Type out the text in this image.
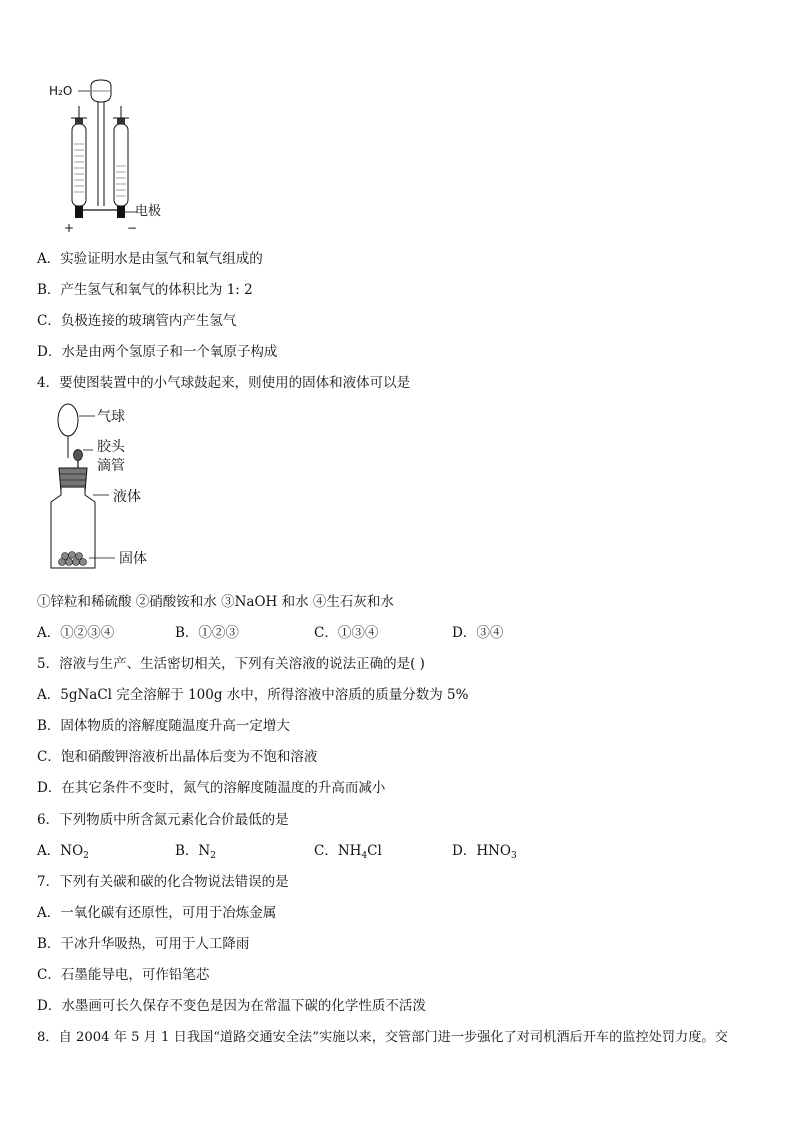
H₂O
电极
+	−
A．实验证明水是由氢气和氧气组成的
B．产生氢气和氧气的体积比为 1: 2
C．负极连接的玻璃管内产生氢气
D．水是由两个氢原子和一个氧原子构成
4．要使图装置中的小气球鼓起来，则使用的固体和液体可以是
气球
胶头
滴管
液体
固体
①锌粒和稀硫酸 ②硝酸铵和水 ③NaOH 和水 ④生石灰和水
A．①②③④	B．①②③	C．①③④	D．③④
5．溶液与生产、生活密切相关，下列有关溶液的说法正确的是( )
A．5gNaCl 完全溶解于 100g 水中，所得溶液中溶质的质量分数为 5%
B．固体物质的溶解度随温度升高一定增大
C．饱和硝酸钾溶液析出晶体后变为不饱和溶液
D．在其它条件不变时，氮气的溶解度随温度的升高而减小
6．下列物质中所含氮元素化合价最低的是
A．$NO_2$	B．$N_2$	C．$NH_4Cl$	D．$HNO_3$
7．下列有关碳和碳的化合物说法错误的是
A．一氧化碳有还原性，可用于冶炼金属
B．干冰升华吸热，可用于人工降雨
C．石墨能导电，可作铅笔芯
D．水墨画可长久保存不变色是因为在常温下碳的化学性质不活泼
8．自 2004 年 5 月 1 日我国“道路交通安全法”实施以来，交管部门进一步强化了对司机酒后开车的监控处罚力度。交
